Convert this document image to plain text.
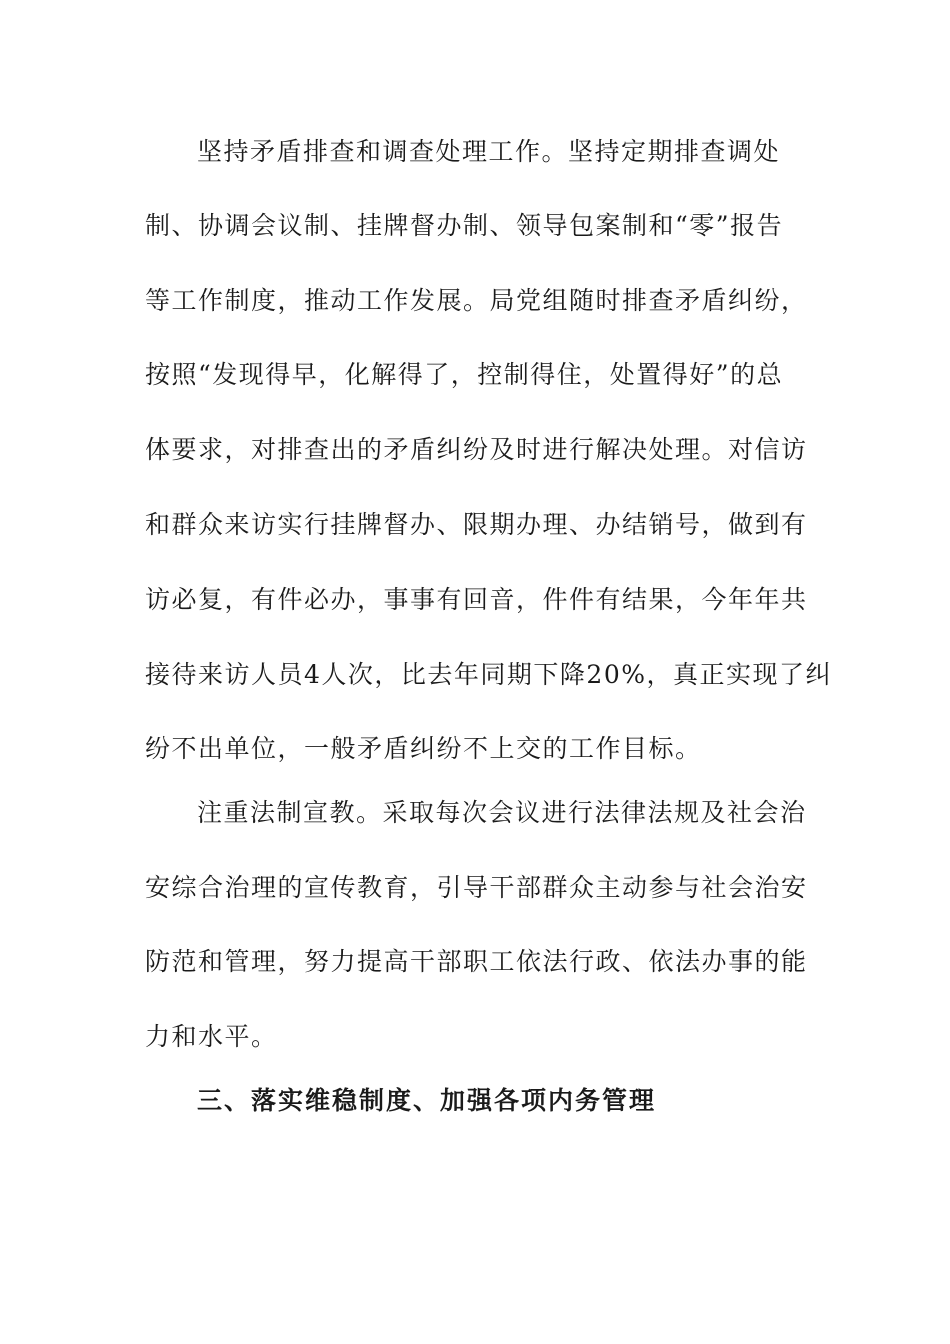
坚持矛盾排查和调查处理工作。坚持定期排查调处
制、协调会议制、挂牌督办制、领导包案制和“零”报告
等工作制度，推动工作发展。局党组随时排查矛盾纠纷，
按照“发现得早，化解得了，控制得住，处置得好”的总
体要求，对排查出的矛盾纠纷及时进行解决处理。对信访
和群众来访实行挂牌督办、限期办理、办结销号，做到有
访必复，有件必办，事事有回音，件件有结果，今年年共
接待来访人员4人次，比去年同期下降20%，真正实现了纠
纷不出单位，一般矛盾纠纷不上交的工作目标。
注重法制宣教。采取每次会议进行法律法规及社会治
安综合治理的宣传教育，引导干部群众主动参与社会治安
防范和管理，努力提高干部职工依法行政、依法办事的能
力和水平。
三、落实维稳制度、加强各项内务管理
